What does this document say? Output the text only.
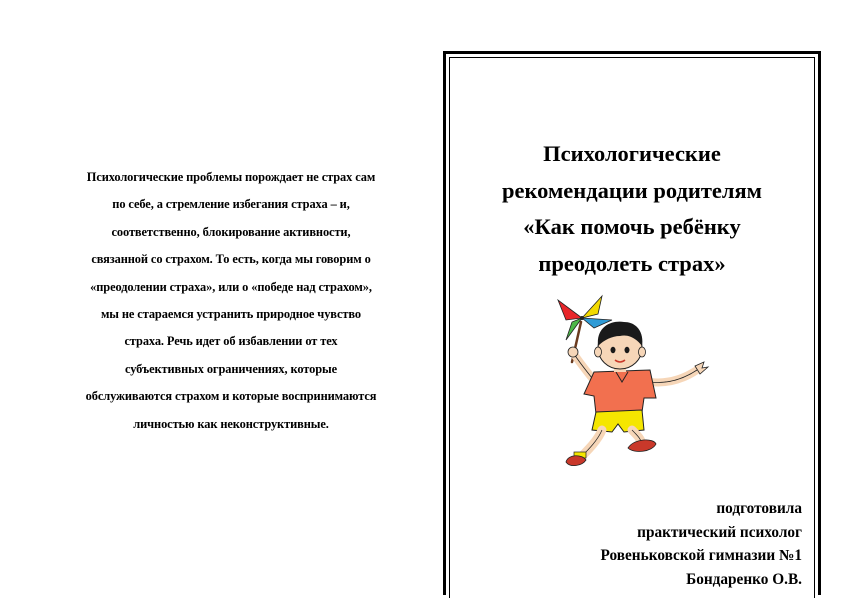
Психологические проблемы порождает не страх сам
по себе, а стремление избегания страха – и,
соответственно, блокирование активности,
связанной со страхом. То есть, когда мы говорим о
«преодолении страха», или о «победе над страхом»,
мы не стараемся устранить природное чувство
страха. Речь идет об избавлении от тех
субъективных ограничениях, которые
обслуживаются страхом и которые воспринимаются
личностью как неконструктивные.
Психологические
рекомендации родителям
«Как помочь ребёнку
преодолеть страх»
подготовила
практический психолог
Ровеньковской гимназии №1
Бондаренко О.В.
